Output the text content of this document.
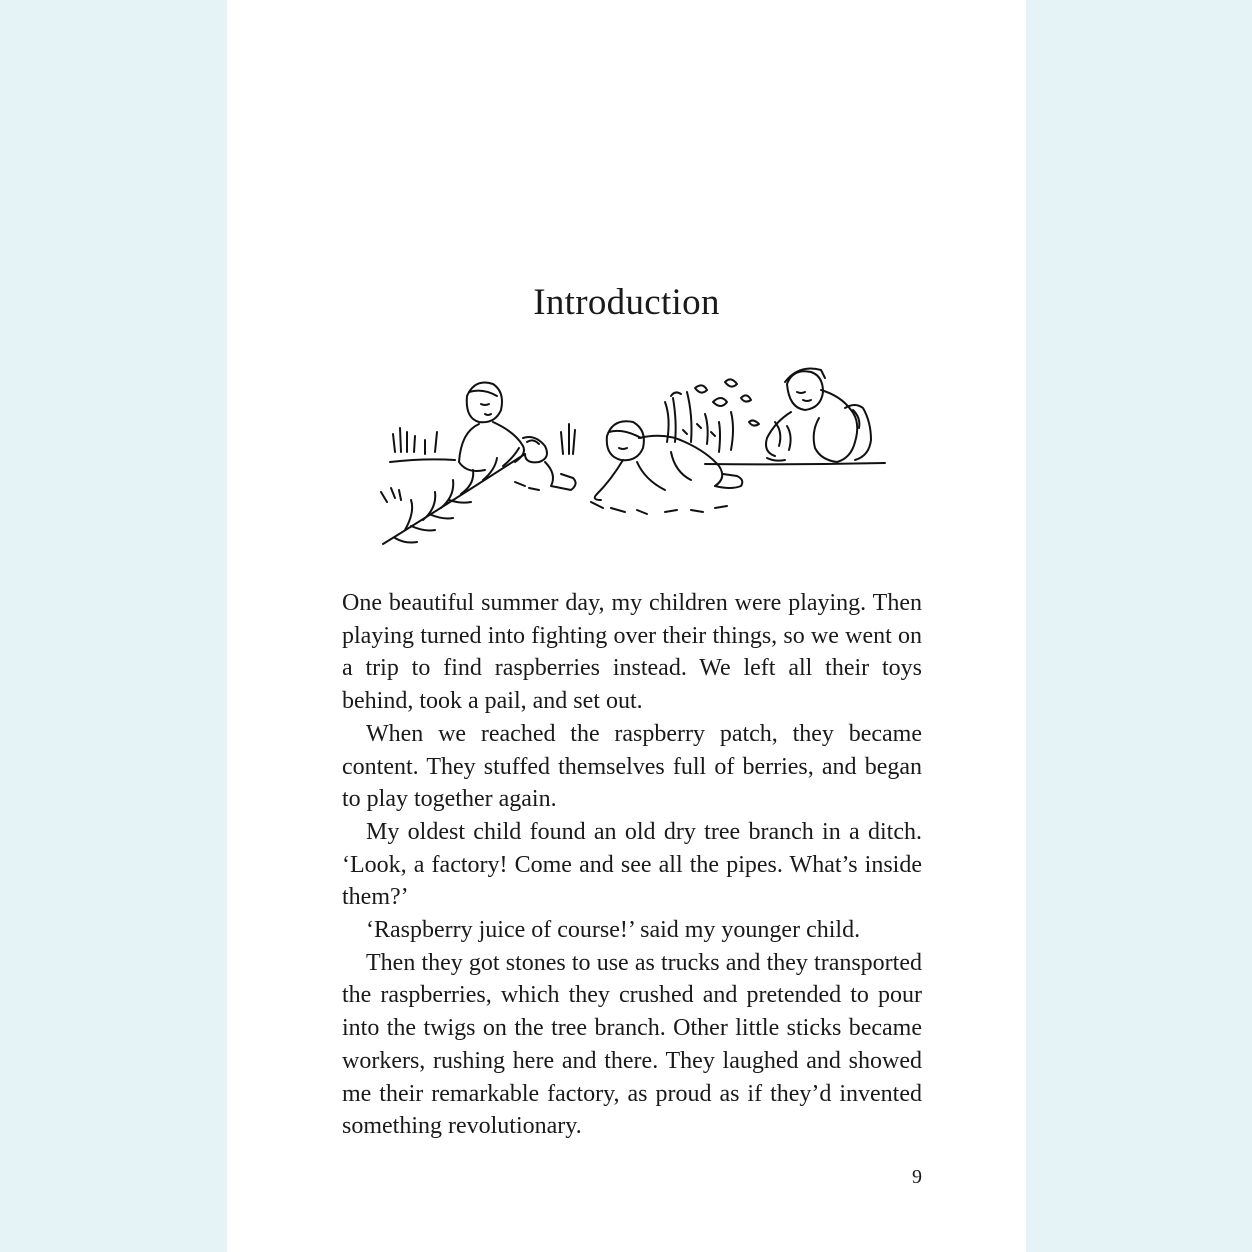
Introduction

One beautiful summer day, my children were playing. Then playing turned into fighting over their things, so we went on a trip to find raspberries instead. We left all their toys behind, took a pail, and set out.

When we reached the raspberry patch, they became content. They stuffed themselves full of berries, and began to play together again.

My oldest child found an old dry tree branch in a ditch. ‘Look, a factory! Come and see all the pipes. What’s inside them?’

‘Raspberry juice of course!’ said my younger child.

Then they got stones to use as trucks and they transported the raspberries, which they crushed and pretended to pour into the twigs on the tree branch. Other little sticks became workers, rushing here and there. They laughed and showed me their remarkable factory, as proud as if they’d invented something revolutionary.

9
